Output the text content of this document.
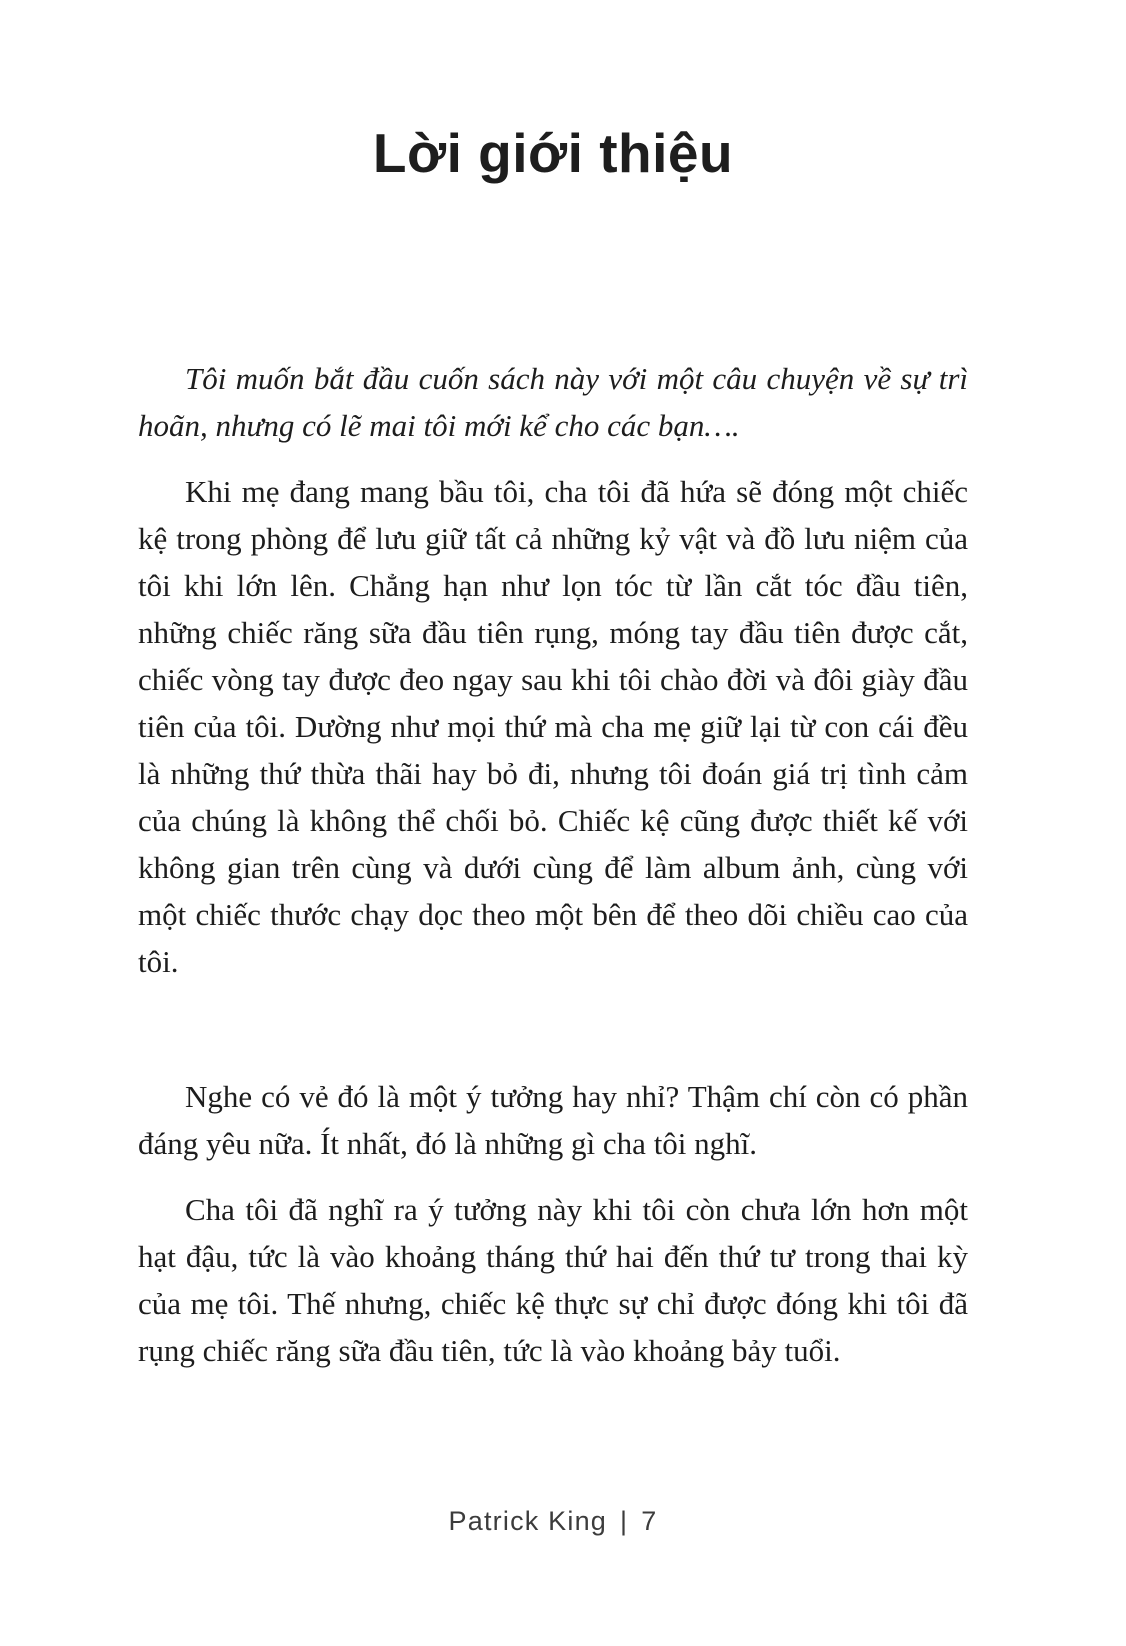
Lời giới thiệu

Tôi muốn bắt đầu cuốn sách này với một câu chuyện về sự trì hoãn, nhưng có lẽ mai tôi mới kể cho các bạn….

Khi mẹ đang mang bầu tôi, cha tôi đã hứa sẽ đóng một chiếc kệ trong phòng để lưu giữ tất cả những kỷ vật và đồ lưu niệm của tôi khi lớn lên. Chẳng hạn như lọn tóc từ lần cắt tóc đầu tiên, những chiếc răng sữa đầu tiên rụng, móng tay đầu tiên được cắt, chiếc vòng tay được đeo ngay sau khi tôi chào đời và đôi giày đầu tiên của tôi. Dường như mọi thứ mà cha mẹ giữ lại từ con cái đều là những thứ thừa thãi hay bỏ đi, nhưng tôi đoán giá trị tình cảm của chúng là không thể chối bỏ. Chiếc kệ cũng được thiết kế với không gian trên cùng và dưới cùng để làm album ảnh, cùng với một chiếc thước chạy dọc theo một bên để theo dõi chiều cao của tôi.

Nghe có vẻ đó là một ý tưởng hay nhỉ? Thậm chí còn có phần đáng yêu nữa. Ít nhất, đó là những gì cha tôi nghĩ.

Cha tôi đã nghĩ ra ý tưởng này khi tôi còn chưa lớn hơn một hạt đậu, tức là vào khoảng tháng thứ hai đến thứ tư trong thai kỳ của mẹ tôi. Thế nhưng, chiếc kệ thực sự chỉ được đóng khi tôi đã rụng chiếc răng sữa đầu tiên, tức là vào khoảng bảy tuổi.

Patrick King | 7
